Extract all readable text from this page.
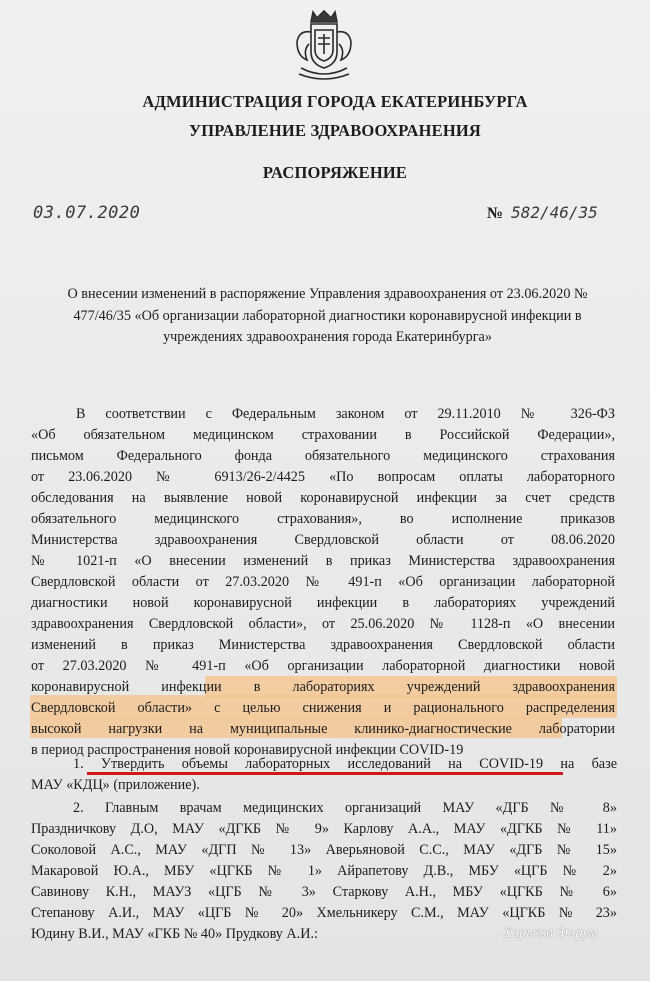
АДМИНИСТРАЦИЯ ГОРОДА ЕКАТЕРИНБУРГА
УПРАВЛЕНИЕ ЗДРАВООХРАНЕНИЯ
РАСПОРЯЖЕНИЕ
03.07.2020	№ 582/46/35
О внесении изменений в распоряжение Управления здравоохранения от 23.06.2020 № 477/46/35 «Об организации лабораторной диагностики коронавирусной инфекции в учреждениях здравоохранения города Екатеринбурга»
В соответствии с Федеральным законом от 29.11.2010 № 326-ФЗ
«Об обязательном медицинском страховании в Российской Федерации»,
письмом Федерального фонда обязательного медицинского страхования
от 23.06.2020 № 6913/26-2/4425 «По вопросам оплаты лабораторного
обследования на выявление новой коронавирусной инфекции за счет средств
обязательного медицинского страхования», во исполнение приказов
Министерства здравоохранения Свердловской области от 08.06.2020
№ 1021-п «О внесении изменений в приказ Министерства здравоохранения
Свердловской области от 27.03.2020 № 491-п «Об организации лабораторной
диагностики новой коронавирусной инфекции в лабораториях учреждений
здравоохранения Свердловской области», от 25.06.2020 № 1128-п «О внесении
изменений в приказ Министерства здравоохранения Свердловской области
от 27.03.2020 № 491-п «Об организации лабораторной диагностики новой
коронавирусной инфекции в лабораториях учреждений здравоохранения
Свердловской области» с целью снижения и рационального распределения
высокой нагрузки на муниципальные клинико-диагностические лаборатории
в период распространения новой коронавирусной инфекции COVID-19
1. Утвердить объемы лабораторных исследований на COVID-19 на базе
МАУ «КДЦ» (приложение).
2. Главным врачам медицинских организаций МАУ «ДГБ № 8»
Праздничкову Д.О, МАУ «ДГКБ № 9» Карлову А.А., МАУ «ДГКБ № 11»
Соколовой А.С., МАУ «ДГП № 13» Аверьяновой С.С., МАУ «ДГБ № 15»
Макаровой Ю.А., МБУ «ЦГКБ № 1» Айрапетову Д.В., МБУ «ЦГБ № 2»
Савинову К.Н., МАУЗ «ЦГБ № 3» Старкову А.Н., МБУ «ЦГКБ № 6»
Степанову А.И., МАУ «ЦГБ № 20» Хмельникеру С.М., МАУ «ЦГКБ № 23»
Юдину В.И., МАУ «ГКБ № 40» Прудкову А.И.:	Харьков Форум
